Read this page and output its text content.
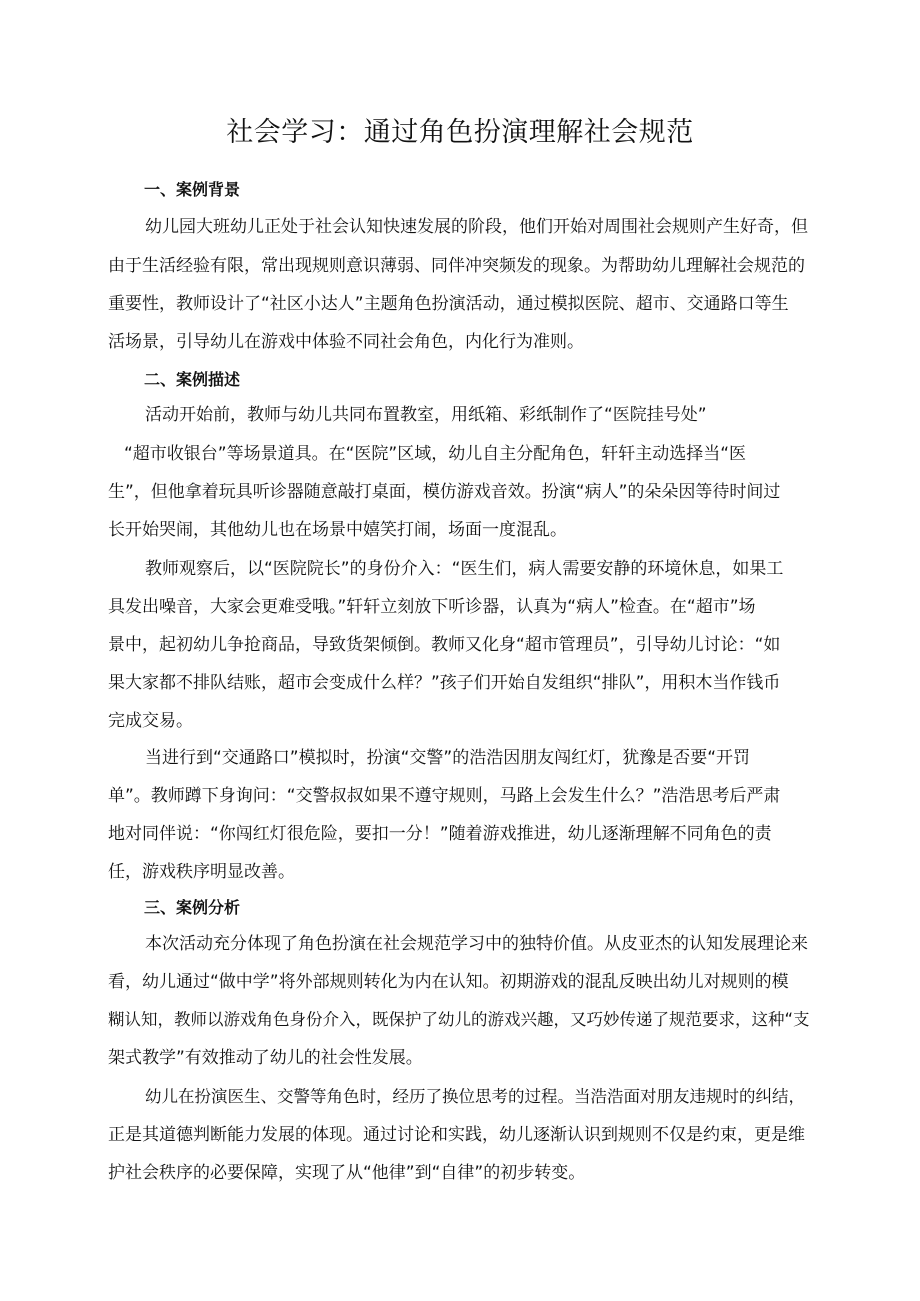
社会学习：通过角色扮演理解社会规范
一、案例背景

幼儿园大班幼儿正处于社会认知快速发展的阶段，他们开始对周围社会规则产生好奇，但

由于生活经验有限，常出现规则意识薄弱、同伴冲突频发的现象。为帮助幼儿理解社会规范的

重要性，教师设计了“社区小达人”主题角色扮演活动，通过模拟医院、超市、交通路口等生

活场景，引导幼儿在游戏中体验不同社会角色，内化行为准则。

二、案例描述

活动开始前，教师与幼儿共同布置教室，用纸箱、彩纸制作了“医院挂号处”

“超市收银台”等场景道具。在“医院”区域，幼儿自主分配角色，轩轩主动选择当“医

生”，但他拿着玩具听诊器随意敲打桌面，模仿游戏音效。扮演“病人”的朵朵因等待时间过

长开始哭闹，其他幼儿也在场景中嬉笑打闹，场面一度混乱。

教师观察后，以“医院院长”的身份介入：“医生们，病人需要安静的环境休息，如果工

具发出噪音，大家会更难受哦。”轩轩立刻放下听诊器，认真为“病人”检查。在“超市”场

景中，起初幼儿争抢商品，导致货架倾倒。教师又化身“超市管理员”，引导幼儿讨论：“如

果大家都不排队结账，超市会变成什么样？”孩子们开始自发组织“排队”，用积木当作钱币

完成交易。

当进行到“交通路口”模拟时，扮演“交警”的浩浩因朋友闯红灯，犹豫是否要“开罚

单”。教师蹲下身询问：“交警叔叔如果不遵守规则，马路上会发生什么？”浩浩思考后严肃

地对同伴说：“你闯红灯很危险，要扣一分！”随着游戏推进，幼儿逐渐理解不同角色的责

任，游戏秩序明显改善。

三、案例分析

本次活动充分体现了角色扮演在社会规范学习中的独特价值。从皮亚杰的认知发展理论来

看，幼儿通过“做中学”将外部规则转化为内在认知。初期游戏的混乱反映出幼儿对规则的模

糊认知，教师以游戏角色身份介入，既保护了幼儿的游戏兴趣，又巧妙传递了规范要求，这种“支

架式教学”有效推动了幼儿的社会性发展。

幼儿在扮演医生、交警等角色时，经历了换位思考的过程。当浩浩面对朋友违规时的纠结，

正是其道德判断能力发展的体现。通过讨论和实践，幼儿逐渐认识到规则不仅是约束，更是维

护社会秩序的必要保障，实现了从“他律”到“自律”的初步转变。
